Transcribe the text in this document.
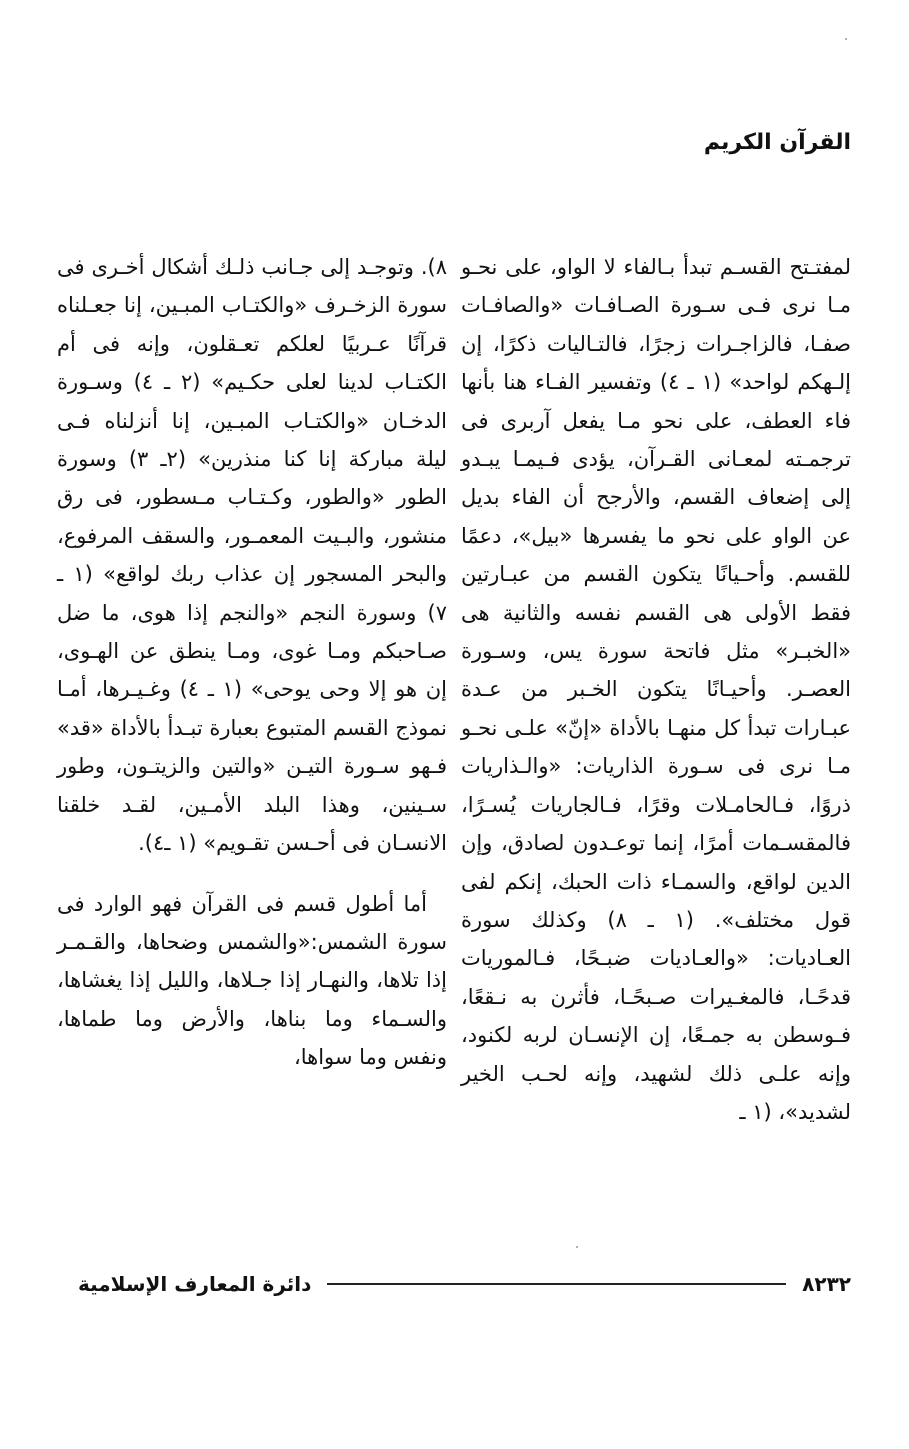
القرآن الكريم

لمفتـتح القسـم تبدأ بـالفاء لا الواو، على نحـو مـا نرى فـى سـورة الصـافـات «والصافـات صفـا، فالزاجـرات زجرًا، فالتـاليات ذكرًا، إن إلـهكم لواحد» (١ ـ ٤) وتفسير الفـاء هنا بأنها فاء العطف، على نحو مـا يفعل آربرى فى ترجمـته لمعـانى القـرآن، يؤدى فـيمـا يبـدو إلى إضعاف القسم، والأرجح أن الفاء بديل عن الواو على نحو ما يفسرها «بيل»، دعمًا للقسم. وأحـيانًا يتكون القسم من عبـارتين فقط الأولى هى القسم نفسه والثانية هى «الخبـر» مثل فاتحة سورة يس، وسـورة العصـر. وأحيـانًا يتكون الخـبر من عـدة عبـارات تبدأ كل منهـا بالأداة «إنّ» علـى نحـو مـا نرى فى سـورة الذاريات: «والـذاريات ذروًا، فـالحامـلات وقرًا، فـالجاريات يُسـرًا، فالمقسـمات أمرًا، إنما توعـدون لصادق، وإن الدين لواقع، والسمـاء ذات الحبك، إنكم لفى قول مختلف». (١ ـ ٨) وكذلك سورة العـاديات: «والعـاديات ضبـحًا، فـالموريات قدحًـا، فالمغـيرات صـبحًـا، فأثرن به نـقعًا، فـوسطن به جمـعًا، إن الإنسـان لربه لكنود، وإنه علـى ذلك لشهيد، وإنه لحـب الخير لشديد»، (١ ـ

٨). وتوجـد إلى جـانب ذلـك أشكال أخـرى فى سورة الزخـرف «والكتـاب المبـين، إنا جعـلناه قرآنًا عـربيًا لعلكم تعـقلون، وإنه فى أم الكتـاب لدينا لعلى حكـيم» (٢ ـ ٤) وسـورة الدخـان «والكتـاب المبـين، إنا أنزلناه فـى ليلة مباركة إنا كنا منذرين» (٢ـ ٣) وسورة الطور «والطور، وكـتـاب مـسطور، فى رق منشور، والبـيت المعمـور، والسقف المرفوع، والبحر المسجور إن عذاب ربك لواقع» (١ ـ ٧) وسورة النجم «والنجم إذا هوى، ما ضل صـاحبكم ومـا غوى، ومـا ينطق عن الهـوى، إن هو إلا وحى يوحى» (١ ـ ٤) وغـيـرها، أمـا نموذج القسم المتبوع بعبارة تبـدأ بالأداة «قد» فـهو سـورة التيـن «والتين والزيتـون، وطور سـينين، وهذا البلد الأمـين، لقـد خلقنا الانسـان فى أحـسن تقـويم» (١ ـ٤).

أما أطول قسم فى القرآن فهو الوارد فى سورة الشمس:«والشمس وضحاها، والقـمـر إذا تلاها، والنهـار إذا جـلاها، والليل إذا يغشاها، والسـماء وما بناها، والأرض وما طماها، ونفس وما سواها،

٨٢٣٢
دائرة المعارف الإسلامية
